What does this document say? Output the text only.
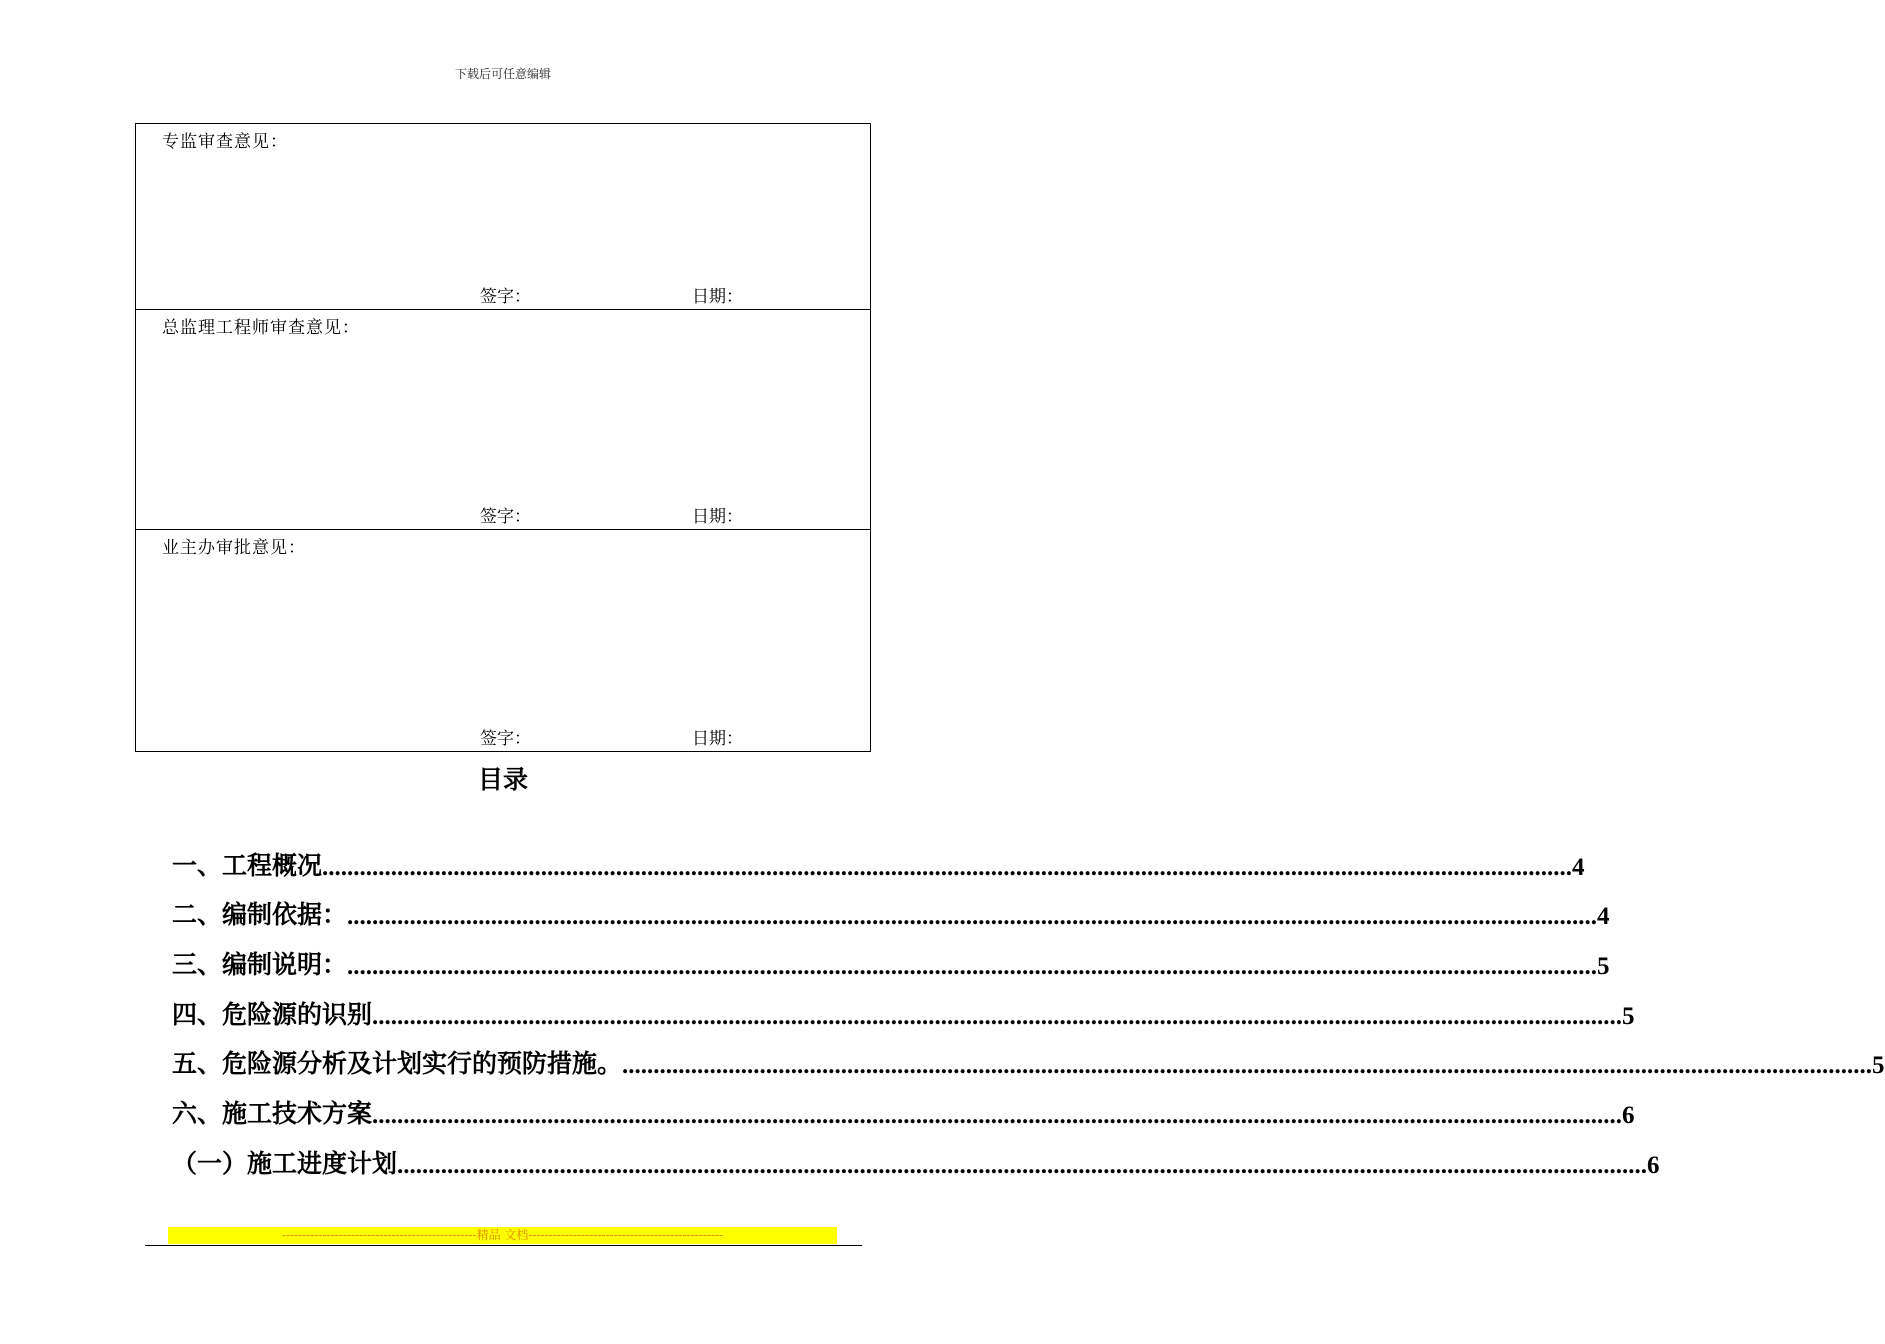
下载后可任意编辑
专监审查意见：
签字：	日期：

总监理工程师审查意见：
签字：	日期：

业主办审批意见：
签字：	日期：
目录
一、工程概况 ........................................................................................................................................................................................................ 4
二、编制依据： ........................................................................................................................................................................................................ 4
三、编制说明： ........................................................................................................................................................................................................ 5
四、危险源的识别 ........................................................................................................................................................................................................ 5
五、危险源分析及计划实行的预防措施。 ........................................................................................................................................................................................................ 5
六、施工技术方案 ........................................................................................................................................................................................................ 6
（一）施工进度计划 ........................................................................................................................................................................................................ 6
------------------------------------------------精品 文档------------------------------------------------
